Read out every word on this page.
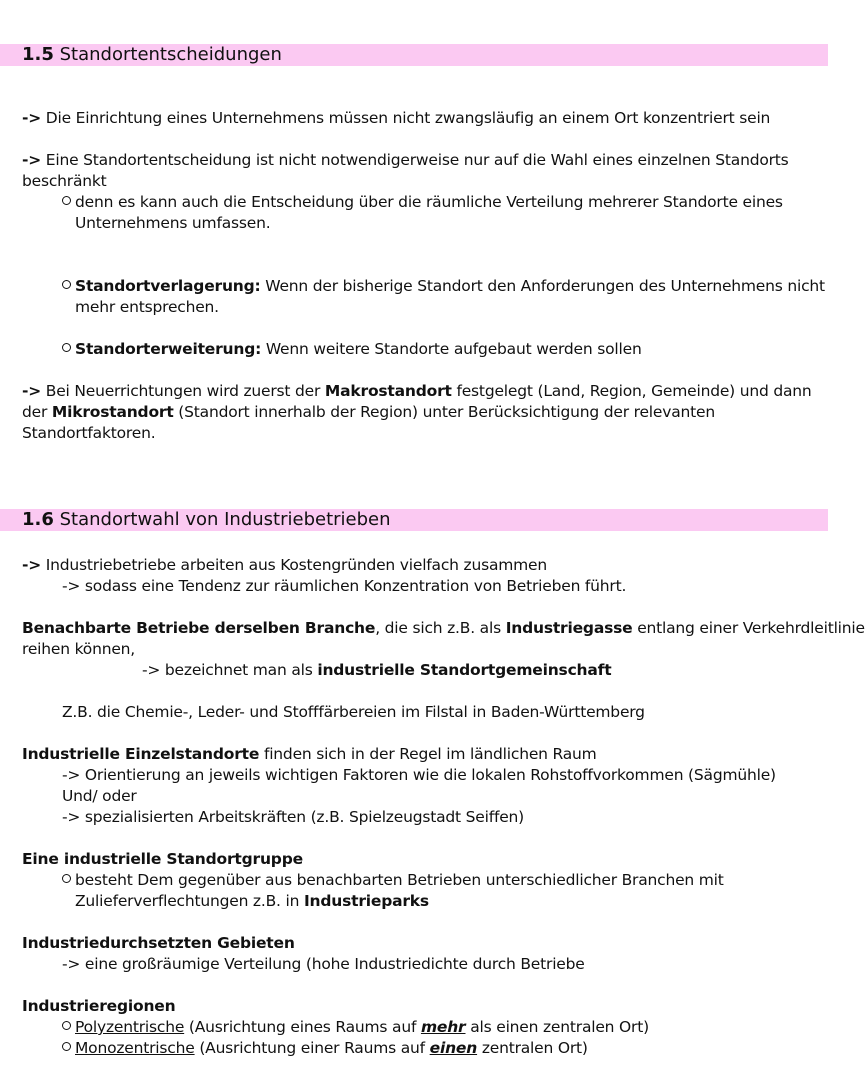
1.5 Standortentscheidungen
-> Die Einrichtung eines Unternehmens müssen nicht zwangsläufig an einem Ort konzentriert sein
-> Eine Standortentscheidung ist nicht notwendigerweise nur auf die Wahl eines einzelnen Standorts
beschränkt
denn es kann auch die Entscheidung über die räumliche Verteilung mehrerer Standorte eines
Unternehmens umfassen.
Standortverlagerung: Wenn der bisherige Standort den Anforderungen des Unternehmens nicht
mehr entsprechen.
Standorterweiterung: Wenn weitere Standorte aufgebaut werden sollen
-> Bei Neuerrichtungen wird zuerst der Makrostandort festgelegt (Land, Region, Gemeinde) und dann
der Mikrostandort (Standort innerhalb der Region) unter Berücksichtigung der relevanten
Standortfaktoren.
1.6 Standortwahl von Industriebetrieben
-> Industriebetriebe arbeiten aus Kostengründen vielfach zusammen
-> sodass eine Tendenz zur räumlichen Konzentration von Betrieben führt.
Benachbarte Betriebe derselben Branche, die sich z.B. als Industriegasse entlang einer Verkehrdleitlinie
reihen können,
-> bezeichnet man als industrielle Standortgemeinschaft
Z.B. die Chemie-, Leder- und Stofffärbereien im Filstal in Baden-Württemberg
Industrielle Einzelstandorte finden sich in der Regel im ländlichen Raum
-> Orientierung an jeweils wichtigen Faktoren wie die lokalen Rohstoffvorkommen (Sägmühle)
Und/ oder
-> spezialisierten Arbeitskräften (z.B. Spielzeugstadt Seiffen)
Eine industrielle Standortgruppe
besteht Dem gegenüber aus benachbarten Betrieben unterschiedlicher Branchen mit
Zulieferverflechtungen z.B. in Industrieparks
Industriedurchsetzten Gebieten
-> eine großräumige Verteilung (hohe Industriedichte durch Betriebe
Industrieregionen
Polyzentrische (Ausrichtung eines Raums auf mehr als einen zentralen Ort)
Monozentrische (Ausrichtung einer Raums auf einen zentralen Ort)
